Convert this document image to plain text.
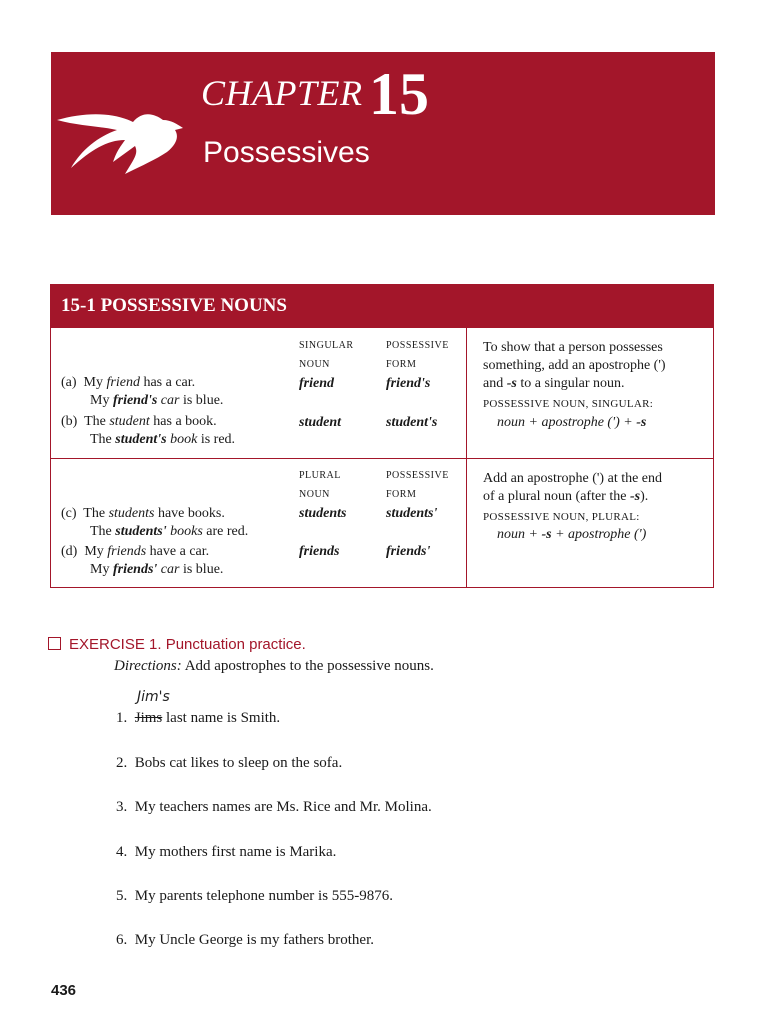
CHAPTER 15
Possessives
15-1 POSSESSIVE NOUNS
SINGULAR
NOUN
POSSESSIVE
FORM
(a) My friend has a car.
My friend's car is blue.
friend	friend's
(b) The student has a book.
The student's book is red.
student	student's
To show that a person possesses
something, add an apostrophe (')
and -s to a singular noun.
POSSESSIVE NOUN, SINGULAR:
noun + apostrophe (') + -s
PLURAL
NOUN
POSSESSIVE
FORM
(c) The students have books.
The students' books are red.
students	students'
(d) My friends have a car.
My friends' car is blue.
friends	friends'
Add an apostrophe (') at the end
of a plural noun (after the -s).
POSSESSIVE NOUN, PLURAL:
noun + -s + apostrophe (')
EXERCISE 1. Punctuation practice.
Directions: Add apostrophes to the possessive nouns.
Jim's
1. Jims last name is Smith.
2. Bobs cat likes to sleep on the sofa.
3. My teachers names are Ms. Rice and Mr. Molina.
4. My mothers first name is Marika.
5. My parents telephone number is 555-9876.
6. My Uncle George is my fathers brother.
436
